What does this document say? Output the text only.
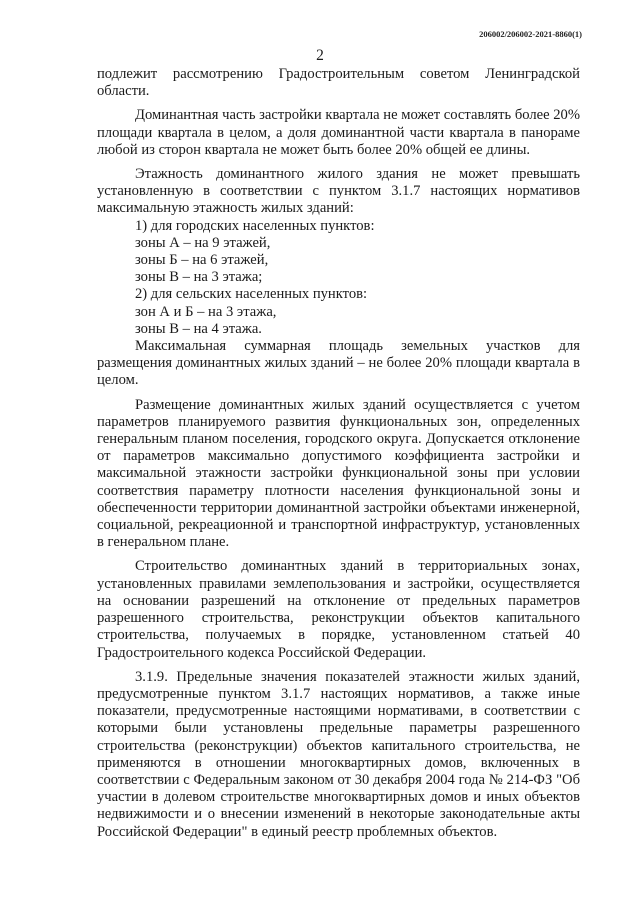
206002/206002-2021-8860(1)
2

подлежит рассмотрению Градостроительным советом Ленинградской области.

Доминантная часть застройки квартала не может составлять более 20% площади квартала в целом, а доля доминантной части квартала в панораме любой из сторон квартала не может быть более 20% общей ее длины.

Этажность доминантного жилого здания не может превышать установленную в соответствии с пунктом 3.1.7 настоящих нормативов максимальную этажность жилых зданий:

1) для городских населенных пунктов:

зоны А – на 9 этажей,

зоны Б – на 6 этажей,

зоны В – на 3 этажа;

2) для сельских населенных пунктов:

зон А и Б – на 3 этажа,

зоны В – на 4 этажа.

Максимальная суммарная площадь земельных участков для размещения доминантных жилых зданий – не более 20% площади квартала в целом.

Размещение доминантных жилых зданий осуществляется с учетом параметров планируемого развития функциональных зон, определенных генеральным планом поселения, городского округа. Допускается отклонение от параметров максимально допустимого коэффициента застройки и максимальной этажности застройки функциональной зоны при условии соответствия параметру плотности населения функциональной зоны и обеспеченности территории доминантной застройки объектами инженерной, социальной, рекреационной и транспортной инфраструктур, установленных в генеральном плане.

Строительство доминантных зданий в территориальных зонах, установленных правилами землепользования и застройки, осуществляется на основании разрешений на отклонение от предельных параметров разрешенного строительства, реконструкции объектов капитального строительства, получаемых в порядке, установленном статьей 40 Градостроительного кодекса Российской Федерации.

3.1.9. Предельные значения показателей этажности жилых зданий, предусмотренные пунктом 3.1.7 настоящих нормативов, а также иные показатели, предусмотренные настоящими нормативами, в соответствии с которыми были установлены предельные параметры разрешенного строительства (реконструкции) объектов капитального строительства, не применяются в отношении многоквартирных домов, включенных в соответствии с Федеральным законом от 30 декабря 2004 года № 214-ФЗ "Об участии в долевом строительстве многоквартирных домов и иных объектов недвижимости и о внесении изменений в некоторые законодательные акты Российской Федерации" в единый реестр проблемных объектов.
